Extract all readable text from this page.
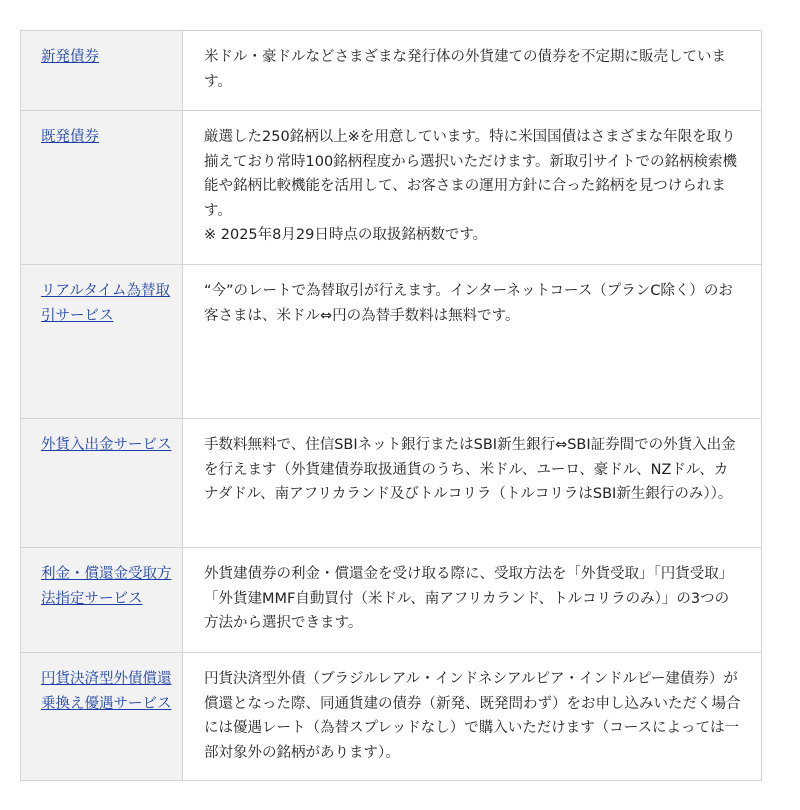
新発債券	米ドル・豪ドルなどさまざまな発行体の外貨建ての債券を不定期に販売しています。

既発債券	厳選した250銘柄以上※を用意しています。特に米国国債はさまざまな年限を取り揃えており常時100銘柄程度から選択いただけます。新取引サイトでの銘柄検索機能や銘柄比較機能を活用して、お客さまの運用方針に合った銘柄を見つけられます。
※ 2025年8月29日時点の取扱銘柄数です。

リアルタイム為替取引サービス	“今”のレートで為替取引が行えます。インターネットコース（プランC除く）のお客さまは、米ドル⇔円の為替手数料は無料です。

外貨入出金サービス	手数料無料で、住信SBIネット銀行またはSBI新生銀行⇔SBI証券間での外貨入出金を行えます（外貨建債券取扱通貨のうち、米ドル、ユーロ、豪ドル、NZドル、カナダドル、南アフリカランド及びトルコリラ（トルコリラはSBI新生銀行のみ））。

利金・償還金受取方法指定サービス	外貨建債券の利金・償還金を受け取る際に、受取方法を「外貨受取」「円貨受取」「外貨建MMF自動買付（米ドル、南アフリカランド、トルコリラのみ）」の3つの方法から選択できます。

円貨決済型外債償還乗換え優遇サービス	円貨決済型外債（ブラジルレアル・インドネシアルピア・インドルピー建債券）が償還となった際、同通貨建の債券（新発、既発問わず）をお申し込みいただく場合には優遇レート（為替スプレッドなし）で購入いただけます（コースによっては一部対象外の銘柄があります）。
